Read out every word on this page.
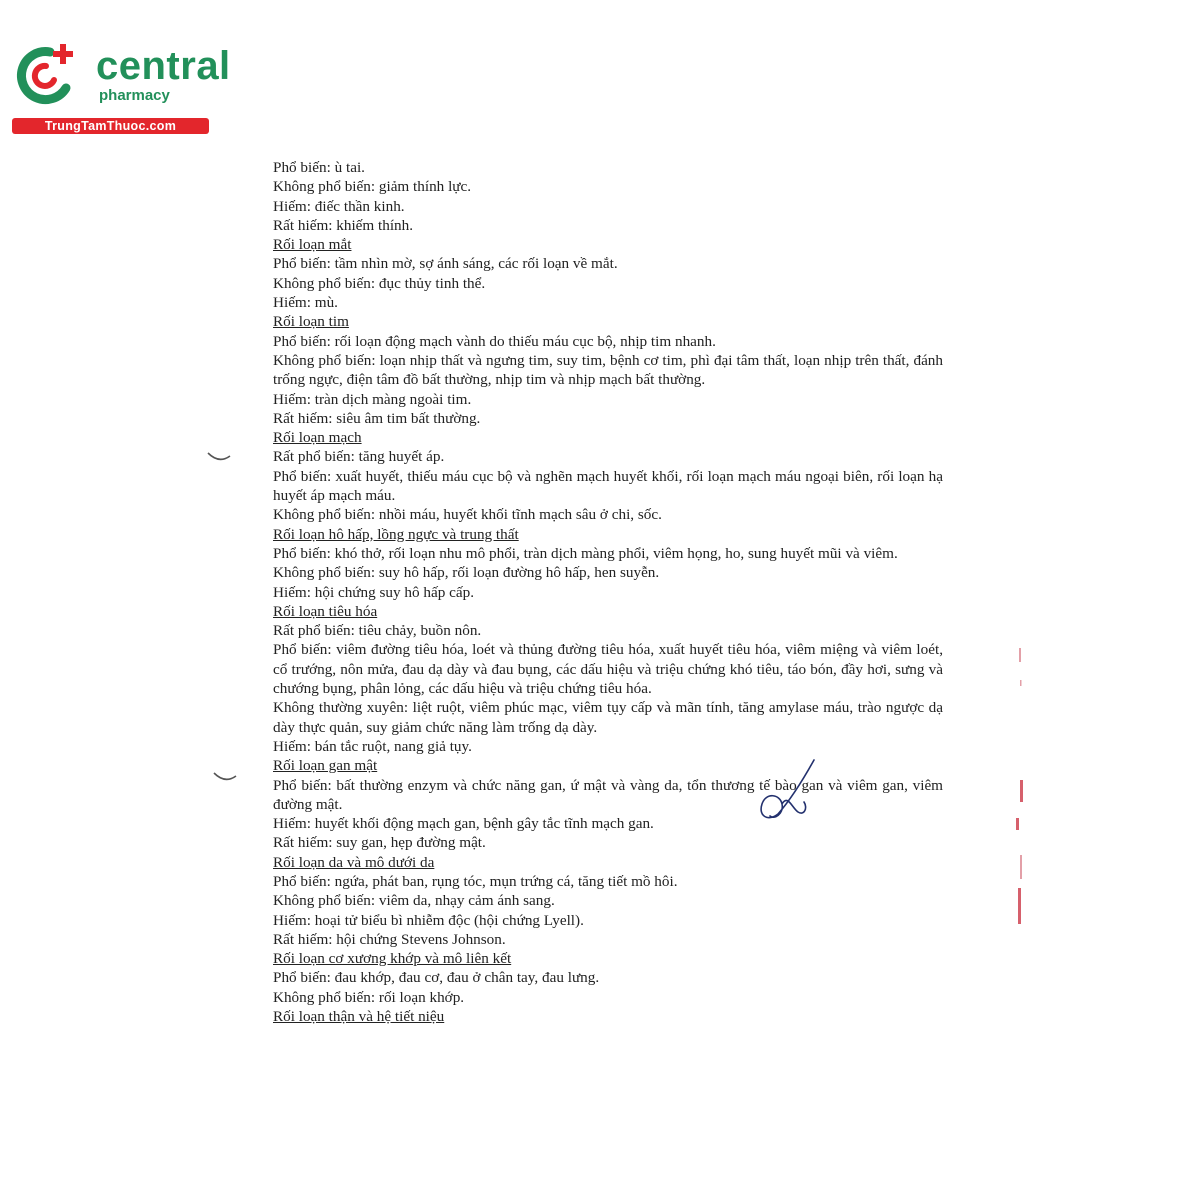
central
pharmacy
TrungTamThuoc.com
Phổ biến: ù tai.
Không phổ biến: giảm thính lực.
Hiếm: điếc thần kinh.
Rất hiếm: khiếm thính.
Rối loạn mắt
Phổ biến: tầm nhìn mờ, sợ ánh sáng, các rối loạn về mắt.
Không phổ biến: đục thủy tinh thể.
Hiếm: mù.
Rối loạn tim
Phổ biến: rối loạn động mạch vành do thiếu máu cục bộ, nhịp tim nhanh.
Không phổ biến: loạn nhịp thất và ngưng tim, suy tim, bệnh cơ tim, phì đại tâm thất, loạn nhịp trên thất, đánh trống ngực, điện tâm đồ bất thường, nhịp tim và nhịp mạch bất thường.
Hiếm: tràn dịch màng ngoài tim.
Rất hiếm: siêu âm tim bất thường.
Rối loạn mạch
Rất phổ biến: tăng huyết áp.
Phổ biến: xuất huyết, thiếu máu cục bộ và nghẽn mạch huyết khối, rối loạn mạch máu ngoại biên, rối loạn hạ huyết áp mạch máu.
Không phổ biến: nhồi máu, huyết khối tĩnh mạch sâu ở chi, sốc.
Rối loạn hô hấp, lồng ngực và trung thất
Phổ biến: khó thở, rối loạn nhu mô phổi, tràn dịch màng phổi, viêm họng, ho, sung huyết mũi và viêm.
Không phổ biến: suy hô hấp, rối loạn đường hô hấp, hen suyễn.
Hiếm: hội chứng suy hô hấp cấp.
Rối loạn tiêu hóa
Rất phổ biến: tiêu chảy, buồn nôn.
Phổ biến: viêm đường tiêu hóa, loét và thủng đường tiêu hóa, xuất huyết tiêu hóa, viêm miệng và viêm loét, cổ trướng, nôn mửa, đau dạ dày và đau bụng, các dấu hiệu và triệu chứng khó tiêu, táo bón, đầy hơi, sưng và chướng bụng, phân lỏng, các dấu hiệu và triệu chứng tiêu hóa.
Không thường xuyên: liệt ruột, viêm phúc mạc, viêm tụy cấp và mãn tính, tăng amylase máu, trào ngược dạ dày thực quản, suy giảm chức năng làm trống dạ dày.
Hiếm: bán tắc ruột, nang giả tụy.
Rối loạn gan mật
Phổ biến: bất thường enzym và chức năng gan, ứ mật và vàng da, tổn thương tế bào gan và viêm gan, viêm đường mật.
Hiếm: huyết khối động mạch gan, bệnh gây tắc tĩnh mạch gan.
Rất hiếm: suy gan, hẹp đường mật.
Rối loạn da và mô dưới da
Phổ biến: ngứa, phát ban, rụng tóc, mụn trứng cá, tăng tiết mồ hôi.
Không phổ biến: viêm da, nhạy cảm ánh sang.
Hiếm: hoại tử biểu bì nhiễm độc (hội chứng Lyell).
Rất hiếm: hội chứng Stevens Johnson.
Rối loạn cơ xương khớp và mô liên kết
Phổ biến: đau khớp, đau cơ, đau ở chân tay, đau lưng.
Không phổ biến: rối loạn khớp.
Rối loạn thận và hệ tiết niệu
